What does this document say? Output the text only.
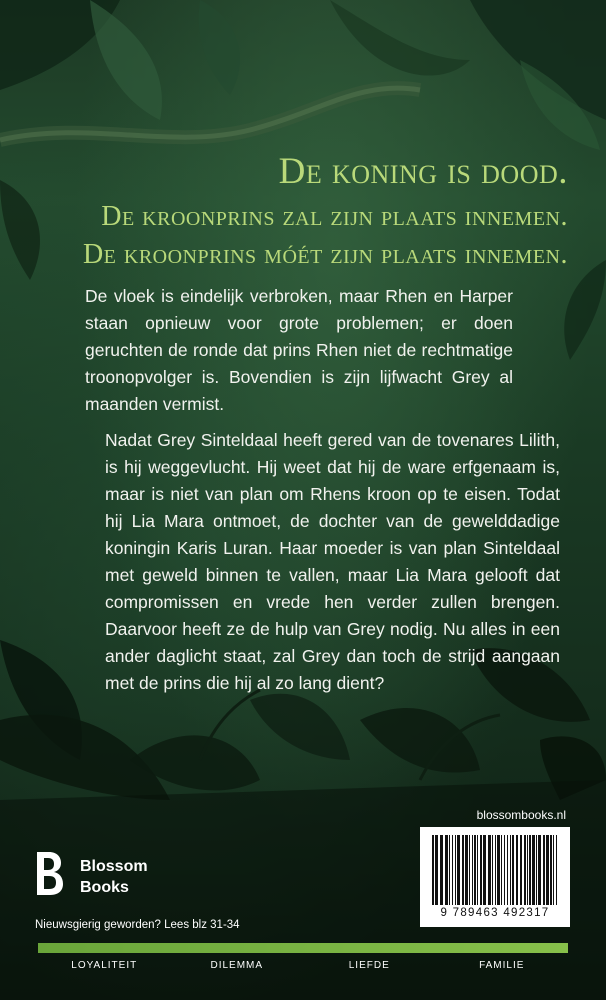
De koning is dood.
De kroonprins zal zijn plaats innemen.
De kroonprins móét zijn plaats innemen.
De vloek is eindelijk verbroken, maar Rhen en Harper staan opnieuw voor grote problemen; er doen geruchten de ronde dat prins Rhen niet de rechtmatige troonopvolger is. Bovendien is zijn lijfwacht Grey al maanden vermist.
Nadat Grey Sinteldaal heeft gered van de tovenares Lilith, is hij weggevlucht. Hij weet dat hij de ware erfgenaam is, maar is niet van plan om Rhens kroon op te eisen. Todat hij Lia Mara ontmoet, de dochter van de gewelddadige koningin Karis Luran. Haar moeder is van plan Sinteldaal met geweld binnen te vallen, maar Lia Mara gelooft dat compromissen en vrede hen verder zullen brengen. Daarvoor heeft ze de hulp van Grey nodig. Nu alles in een ander daglicht staat, zal Grey dan toch de strijd aangaan met de prins die hij al zo lang dient?
blossombooks.nl
9 789463 492317
Blossom
Books
Nieuwsgierig geworden? Lees blz 31-34
LOYALITEIT	DILEMMA	LIEFDE	FAMILIE
